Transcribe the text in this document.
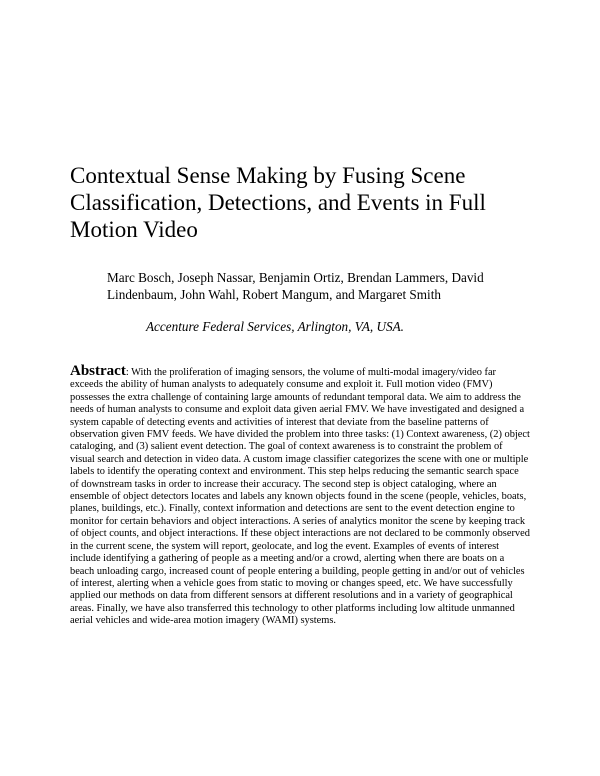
Contextual Sense Making by Fusing Scene Classification, Detections, and Events in Full Motion Video

Marc Bosch, Joseph Nassar, Benjamin Ortiz, Brendan Lammers, David Lindenbaum, John Wahl, Robert Mangum, and Margaret Smith

Accenture Federal Services, Arlington, VA, USA.

Abstract: With the proliferation of imaging sensors, the volume of multi-modal imagery/video far exceeds the ability of human analysts to adequately consume and exploit it. Full motion video (FMV) possesses the extra challenge of containing large amounts of redundant temporal data. We aim to address the needs of human analysts to consume and exploit data given aerial FMV. We have investigated and designed a system capable of detecting events and activities of interest that deviate from the baseline patterns of observation given FMV feeds. We have divided the problem into three tasks: (1) Context awareness, (2) object cataloging, and (3) salient event detection. The goal of context awareness is to constraint the problem of visual search and detection in video data. A custom image classifier categorizes the scene with one or multiple labels to identify the operating context and environment. This step helps reducing the semantic search space of downstream tasks in order to increase their accuracy. The second step is object cataloging, where an ensemble of object detectors locates and labels any known objects found in the scene (people, vehicles, boats, planes, buildings, etc.). Finally, context information and detections are sent to the event detection engine to monitor for certain behaviors and object interactions. A series of analytics monitor the scene by keeping track of object counts, and object interactions. If these object interactions are not declared to be commonly observed in the current scene, the system will report, geolocate, and log the event. Examples of events of interest include identifying a gathering of people as a meeting and/or a crowd, alerting when there are boats on a beach unloading cargo, increased count of people entering a building, people getting in and/or out of vehicles of interest, alerting when a vehicle goes from static to moving or changes speed, etc. We have successfully applied our methods on data from different sensors at different resolutions and in a variety of geographical areas. Finally, we have also transferred this technology to other platforms including low altitude unmanned aerial vehicles and wide-area motion imagery (WAMI) systems.
